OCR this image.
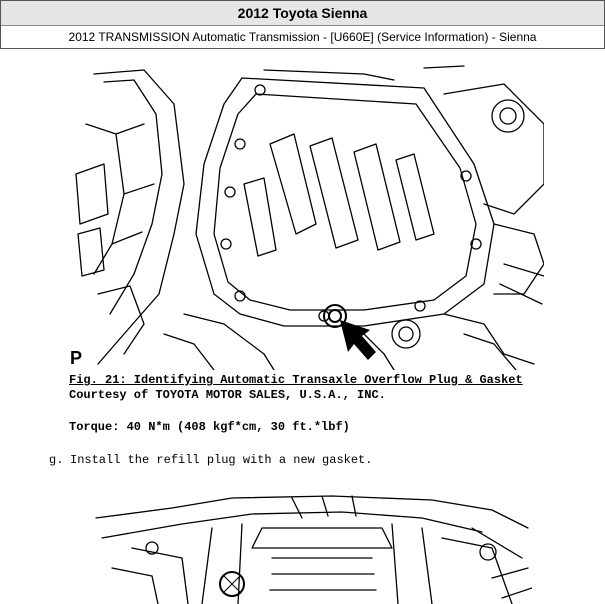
2012 Toyota Sienna
2012 TRANSMISSION Automatic Transmission - [U660E] (Service Information) - Sienna
P
Fig. 21: Identifying Automatic Transaxle Overflow Plug & Gasket
Courtesy of TOYOTA MOTOR SALES, U.S.A., INC.
Torque: 40 N*m (408 kgf*cm, 30 ft.*lbf)
g. Install the refill plug with a new gasket.
